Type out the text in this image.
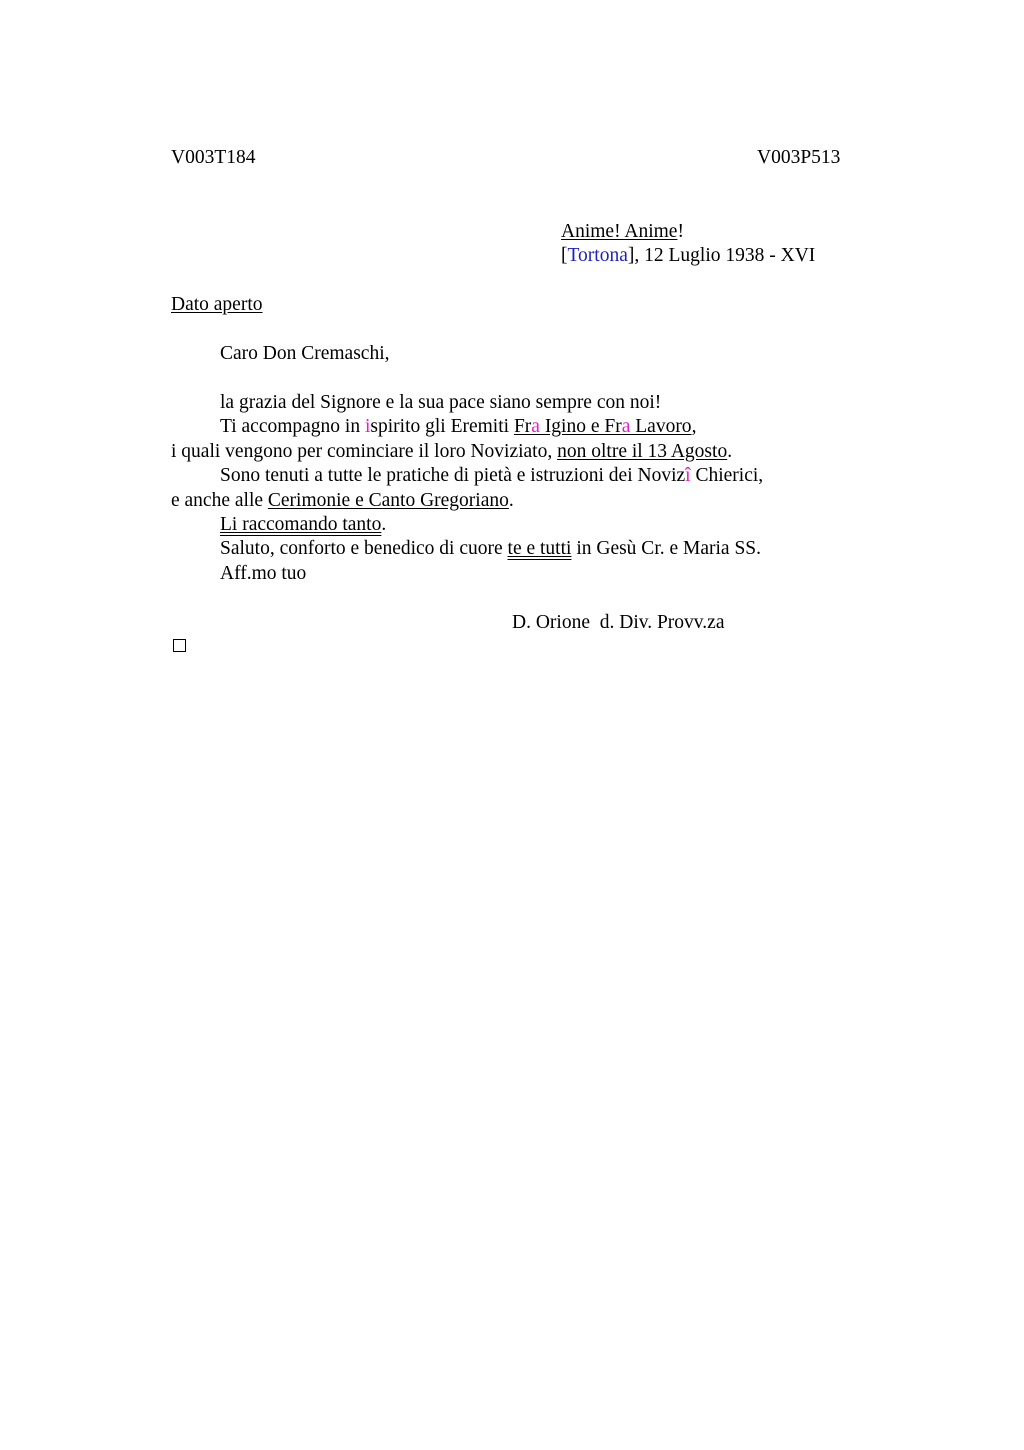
V003T184	V003P513
Anime! Anime!
[Tortona], 12 Luglio 1938 - XVI
Dato aperto
Caro Don Cremaschi,
la grazia del Signore e la sua pace siano sempre con noi!
Ti accompagno in ispirito gli Eremiti Fra Igino e Fra Lavoro,
i quali vengono per cominciare il loro Noviziato, non oltre il 13 Agosto.
Sono tenuti a tutte le pratiche di pietà e istruzioni dei Novizî Chierici,
e anche alle Cerimonie e Canto Gregoriano.
Li raccomando tanto.
Saluto, conforto e benedico di cuore te e tutti in Gesù Cr. e Maria SS.
Aff.mo tuo
D. Orione  d. Div. Provv.za
